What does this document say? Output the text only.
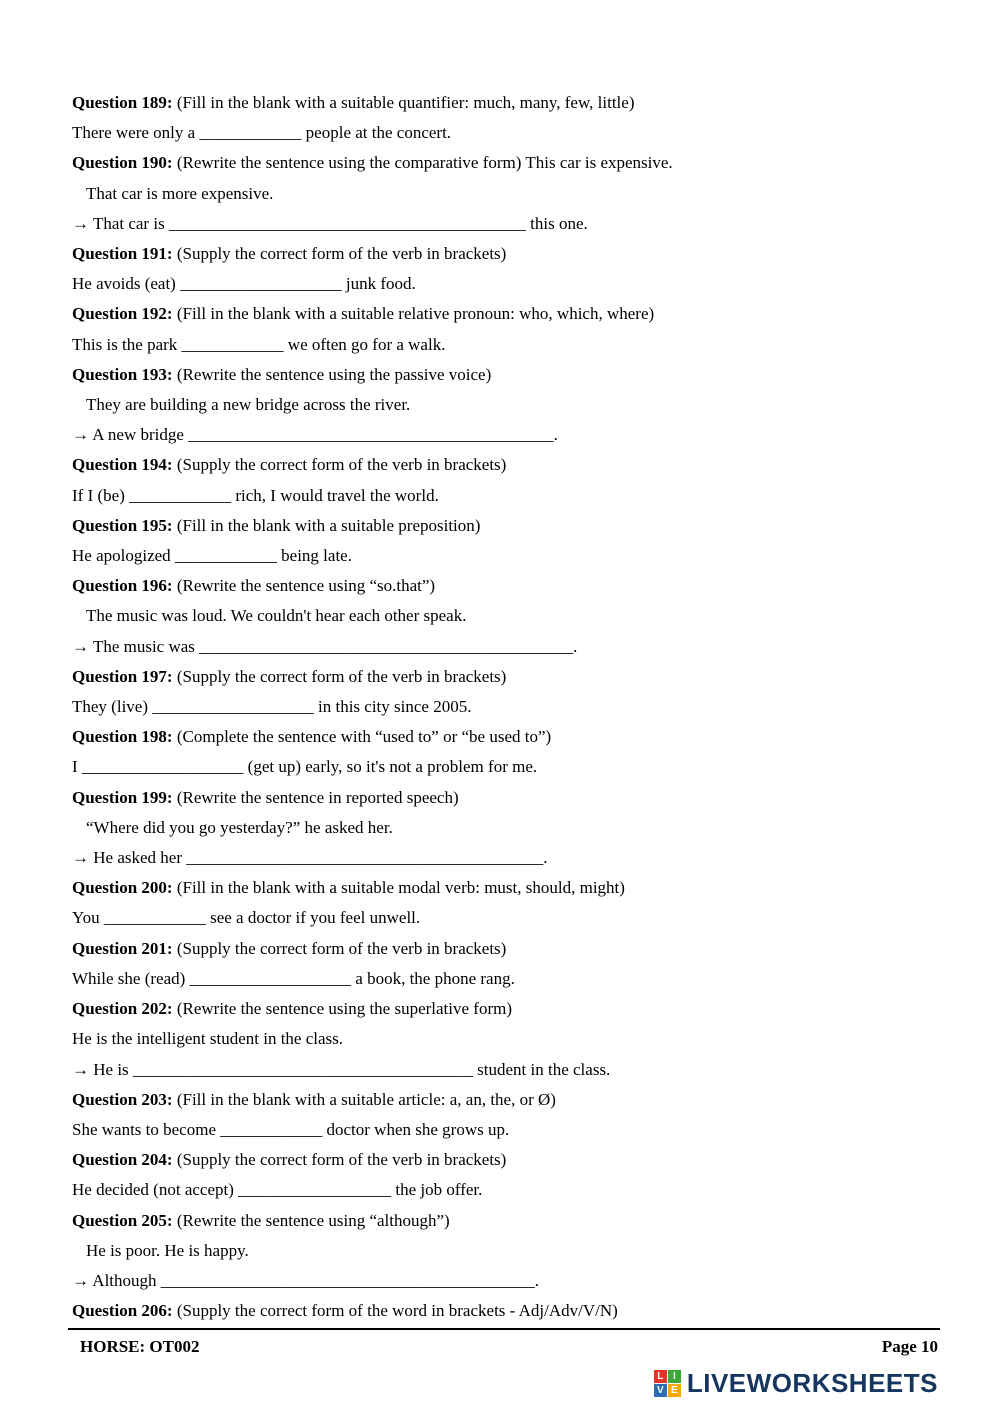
Question 189: (Fill in the blank with a suitable quantifier: much, many, few, little)
There were only a ____________ people at the concert.
Question 190: (Rewrite the sentence using the comparative form) This car is expensive.
That car is more expensive.
→ That car is __________________________________________ this one.
Question 191: (Supply the correct form of the verb in brackets)
He avoids (eat) ___________________ junk food.
Question 192: (Fill in the blank with a suitable relative pronoun: who, which, where)
This is the park ____________ we often go for a walk.
Question 193: (Rewrite the sentence using the passive voice)
They are building a new bridge across the river.
→ A new bridge ___________________________________________.
Question 194: (Supply the correct form of the verb in brackets)
If I (be) ____________ rich, I would travel the world.
Question 195: (Fill in the blank with a suitable preposition)
He apologized ____________ being late.
Question 196: (Rewrite the sentence using “so.that”)
The music was loud. We couldn't hear each other speak.
→ The music was ____________________________________________.
Question 197: (Supply the correct form of the verb in brackets)
They (live) ___________________ in this city since 2005.
Question 198: (Complete the sentence with “used to” or “be used to”)
I ___________________ (get up) early, so it's not a problem for me.
Question 199: (Rewrite the sentence in reported speech)
“Where did you go yesterday?” he asked her.
→ He asked her __________________________________________.
Question 200: (Fill in the blank with a suitable modal verb: must, should, might)
You ____________ see a doctor if you feel unwell.
Question 201: (Supply the correct form of the verb in brackets)
While she (read) ___________________ a book, the phone rang.
Question 202: (Rewrite the sentence using the superlative form)
He is the intelligent student in the class.
→ He is ________________________________________ student in the class.
Question 203: (Fill in the blank with a suitable article: a, an, the, or Ø)
She wants to become ____________ doctor when she grows up.
Question 204: (Supply the correct form of the verb in brackets)
He decided (not accept) __________________ the job offer.
Question 205: (Rewrite the sentence using “although”)
He is poor. He is happy.
→ Although ____________________________________________.
Question 206: (Supply the correct form of the word in brackets - Adj/Adv/V/N)
HORSE: OT002	Page 10
L I
V E LIVEWORKSHEETS
